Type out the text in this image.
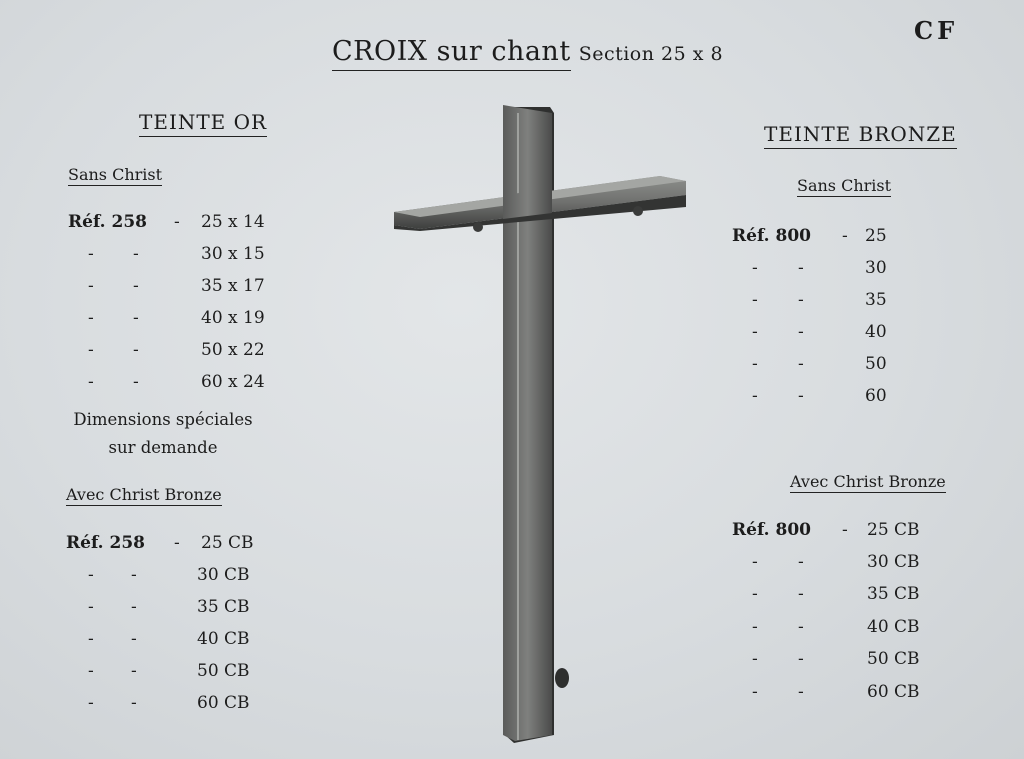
CROIX sur chant Section 25 x 8
CF
TEINTE OR
Sans Christ
Réf. 258 - 25 x 14
- -	30 x 15
- -	35 x 17
- -	40 x 19
- -	50 x 22
- -	60 x 24
Dimensions spéciales
sur demande
Avec Christ Bronze
Réf. 258 - 25 CB
- -	30 CB
- -	35 CB
- -	40 CB
- -	50 CB
- -	60 CB
TEINTE BRONZE
Sans Christ
Réf. 800 - 25
- -	30
- -	35
- -	40
- -	50
- -	60
Avec Christ Bronze
Réf. 800 - 25 CB
- -	30 CB
- -	35 CB
- -	40 CB
- -	50 CB
- -	60 CB
